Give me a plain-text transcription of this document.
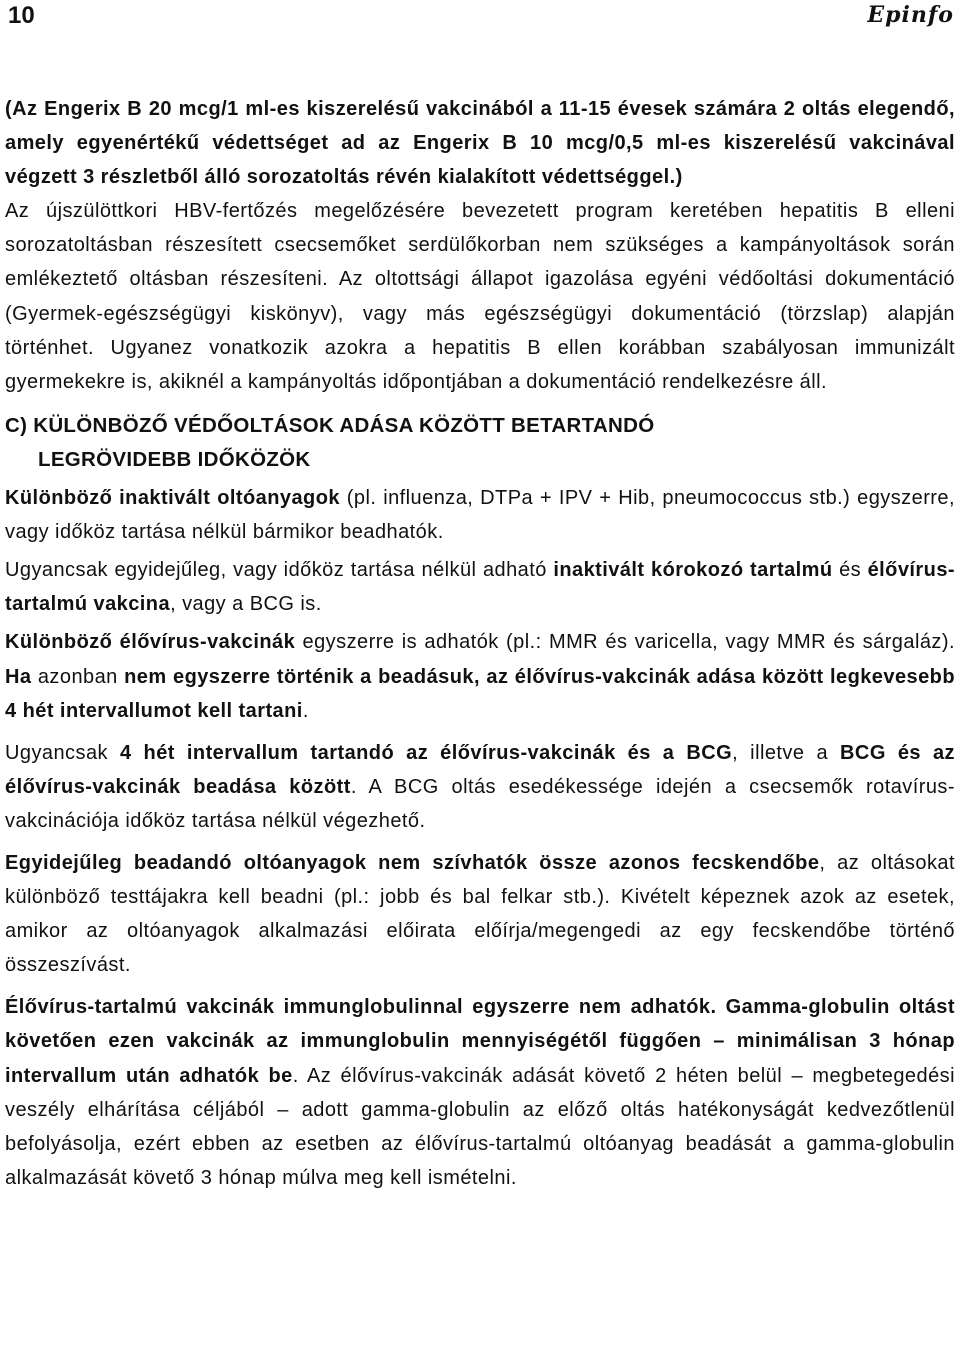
10	Epinfo

(Az Engerix B 20 mcg/1 ml-es kiszerelésű vakcinából a 11-15 évesek számára 2 oltás elegendő, amely egyenértékű védettséget ad az Engerix B 10 mcg/0,5 ml-es kiszerelésű vakcinával végzett 3 részletből álló sorozatoltás révén kialakított védettséggel.)

Az újszülöttkori HBV-fertőzés megelőzésére bevezetett program keretében hepatitis B elleni sorozatoltásban részesített csecsemőket serdülőkorban nem szükséges a kampányoltások során emlékeztető oltásban részesíteni. Az oltottsági állapot igazolása egyéni védőoltási dokumentáció (Gyermek-egészségügyi kiskönyv), vagy más egészségügyi dokumentáció (törzslap) alapján történhet. Ugyanez vonatkozik azokra a hepatitis B ellen korábban szabályosan immunizált gyermekekre is, akiknél a kampányoltás időpontjában a dokumentáció rendelkezésre áll.

C) KÜLÖNBÖZŐ VÉDŐOLTÁSOK ADÁSA KÖZÖTT BETARTANDÓ
LEGRÖVIDEBB IDŐKÖZÖK

Különböző inaktivált oltóanyagok (pl. influenza, DTPa + IPV + Hib, pneumococcus stb.) egyszerre, vagy időköz tartása nélkül bármikor beadhatók.

Ugyancsak egyidejűleg, vagy időköz tartása nélkül adható inaktivált kórokozó tartalmú és élővírus-tartalmú vakcina, vagy a BCG is.

Különböző élővírus-vakcinák egyszerre is adhatók (pl.: MMR és varicella, vagy MMR és sárgaláz). Ha azonban nem egyszerre történik a beadásuk, az élővírus-vakcinák adása között legkevesebb 4 hét intervallumot kell tartani.

Ugyancsak 4 hét intervallum tartandó az élővírus-vakcinák és a BCG, illetve a BCG és az élővírus-vakcinák beadása között. A BCG oltás esedékessége idején a csecsemők rotavírus-vakcinációja időköz tartása nélkül végezhető.

Egyidejűleg beadandó oltóanyagok nem szívhatók össze azonos fecskendőbe, az oltásokat különböző testtájakra kell beadni (pl.: jobb és bal felkar stb.). Kivételt képeznek azok az esetek, amikor az oltóanyagok alkalmazási előirata előírja/megengedi az egy fecskendőbe történő összeszívást.

Élővírus-tartalmú vakcinák immunglobulinnal egyszerre nem adhatók. Gamma-globulin oltást követően ezen vakcinák az immunglobulin mennyiségétől függően – minimálisan 3 hónap intervallum után adhatók be. Az élővírus-vakcinák adását követő 2 héten belül – megbetegedési veszély elhárítása céljából – adott gamma-globulin az előző oltás hatékonyságát kedvezőtlenül befolyásolja, ezért ebben az esetben az élővírus-tartalmú oltóanyag beadását a gamma-globulin alkalmazását követő 3 hónap múlva meg kell ismételni.
